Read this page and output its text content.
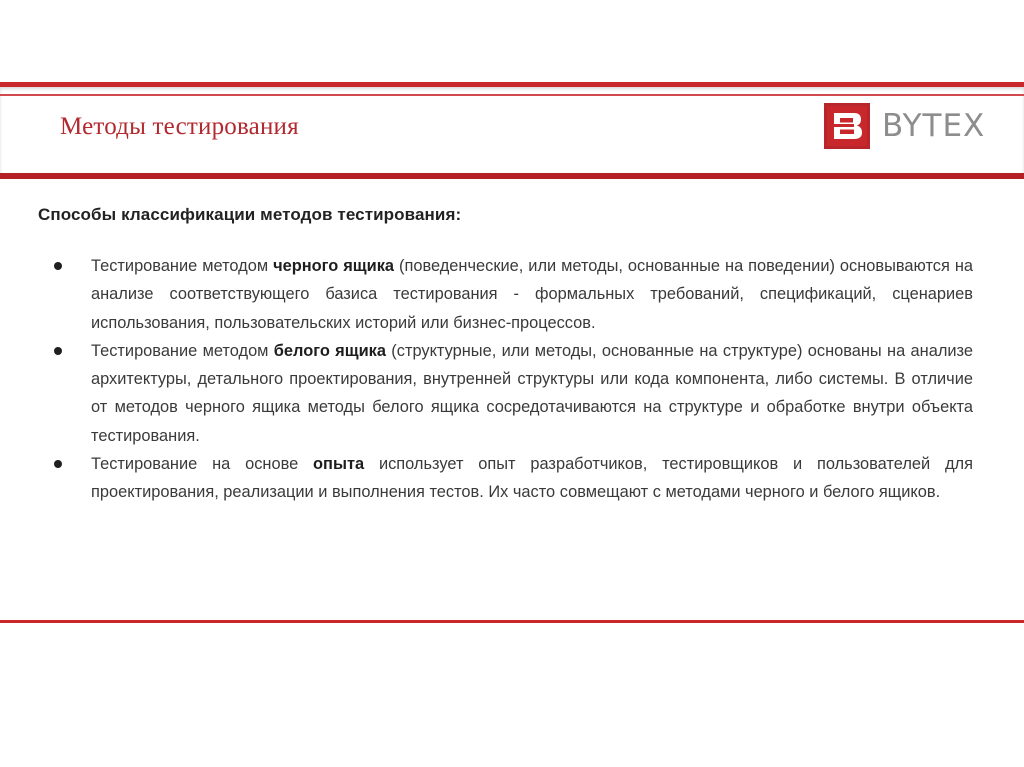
Методы тестирования	BYTEX
Способы классификации методов тестирования:
Тестирование методом черного ящика (поведенческие, или методы, основанные на поведении) основываются на анализе соответствующего базиса тестирования - формальных требований, спецификаций, сценариев использования, пользовательских историй или бизнес-процессов.
Тестирование методом белого ящика (структурные, или методы, основанные на структуре) основаны на анализе архитектуры, детального проектирования, внутренней структуры или кода компонента, либо системы. В отличие от методов черного ящика методы белого ящика сосредотачиваются на структуре и обработке внутри объекта тестирования.
Тестирование на основе опыта использует опыт разработчиков, тестировщиков и пользователей для проектирования, реализации и выполнения тестов. Их часто совмещают с методами черного и белого ящиков.
